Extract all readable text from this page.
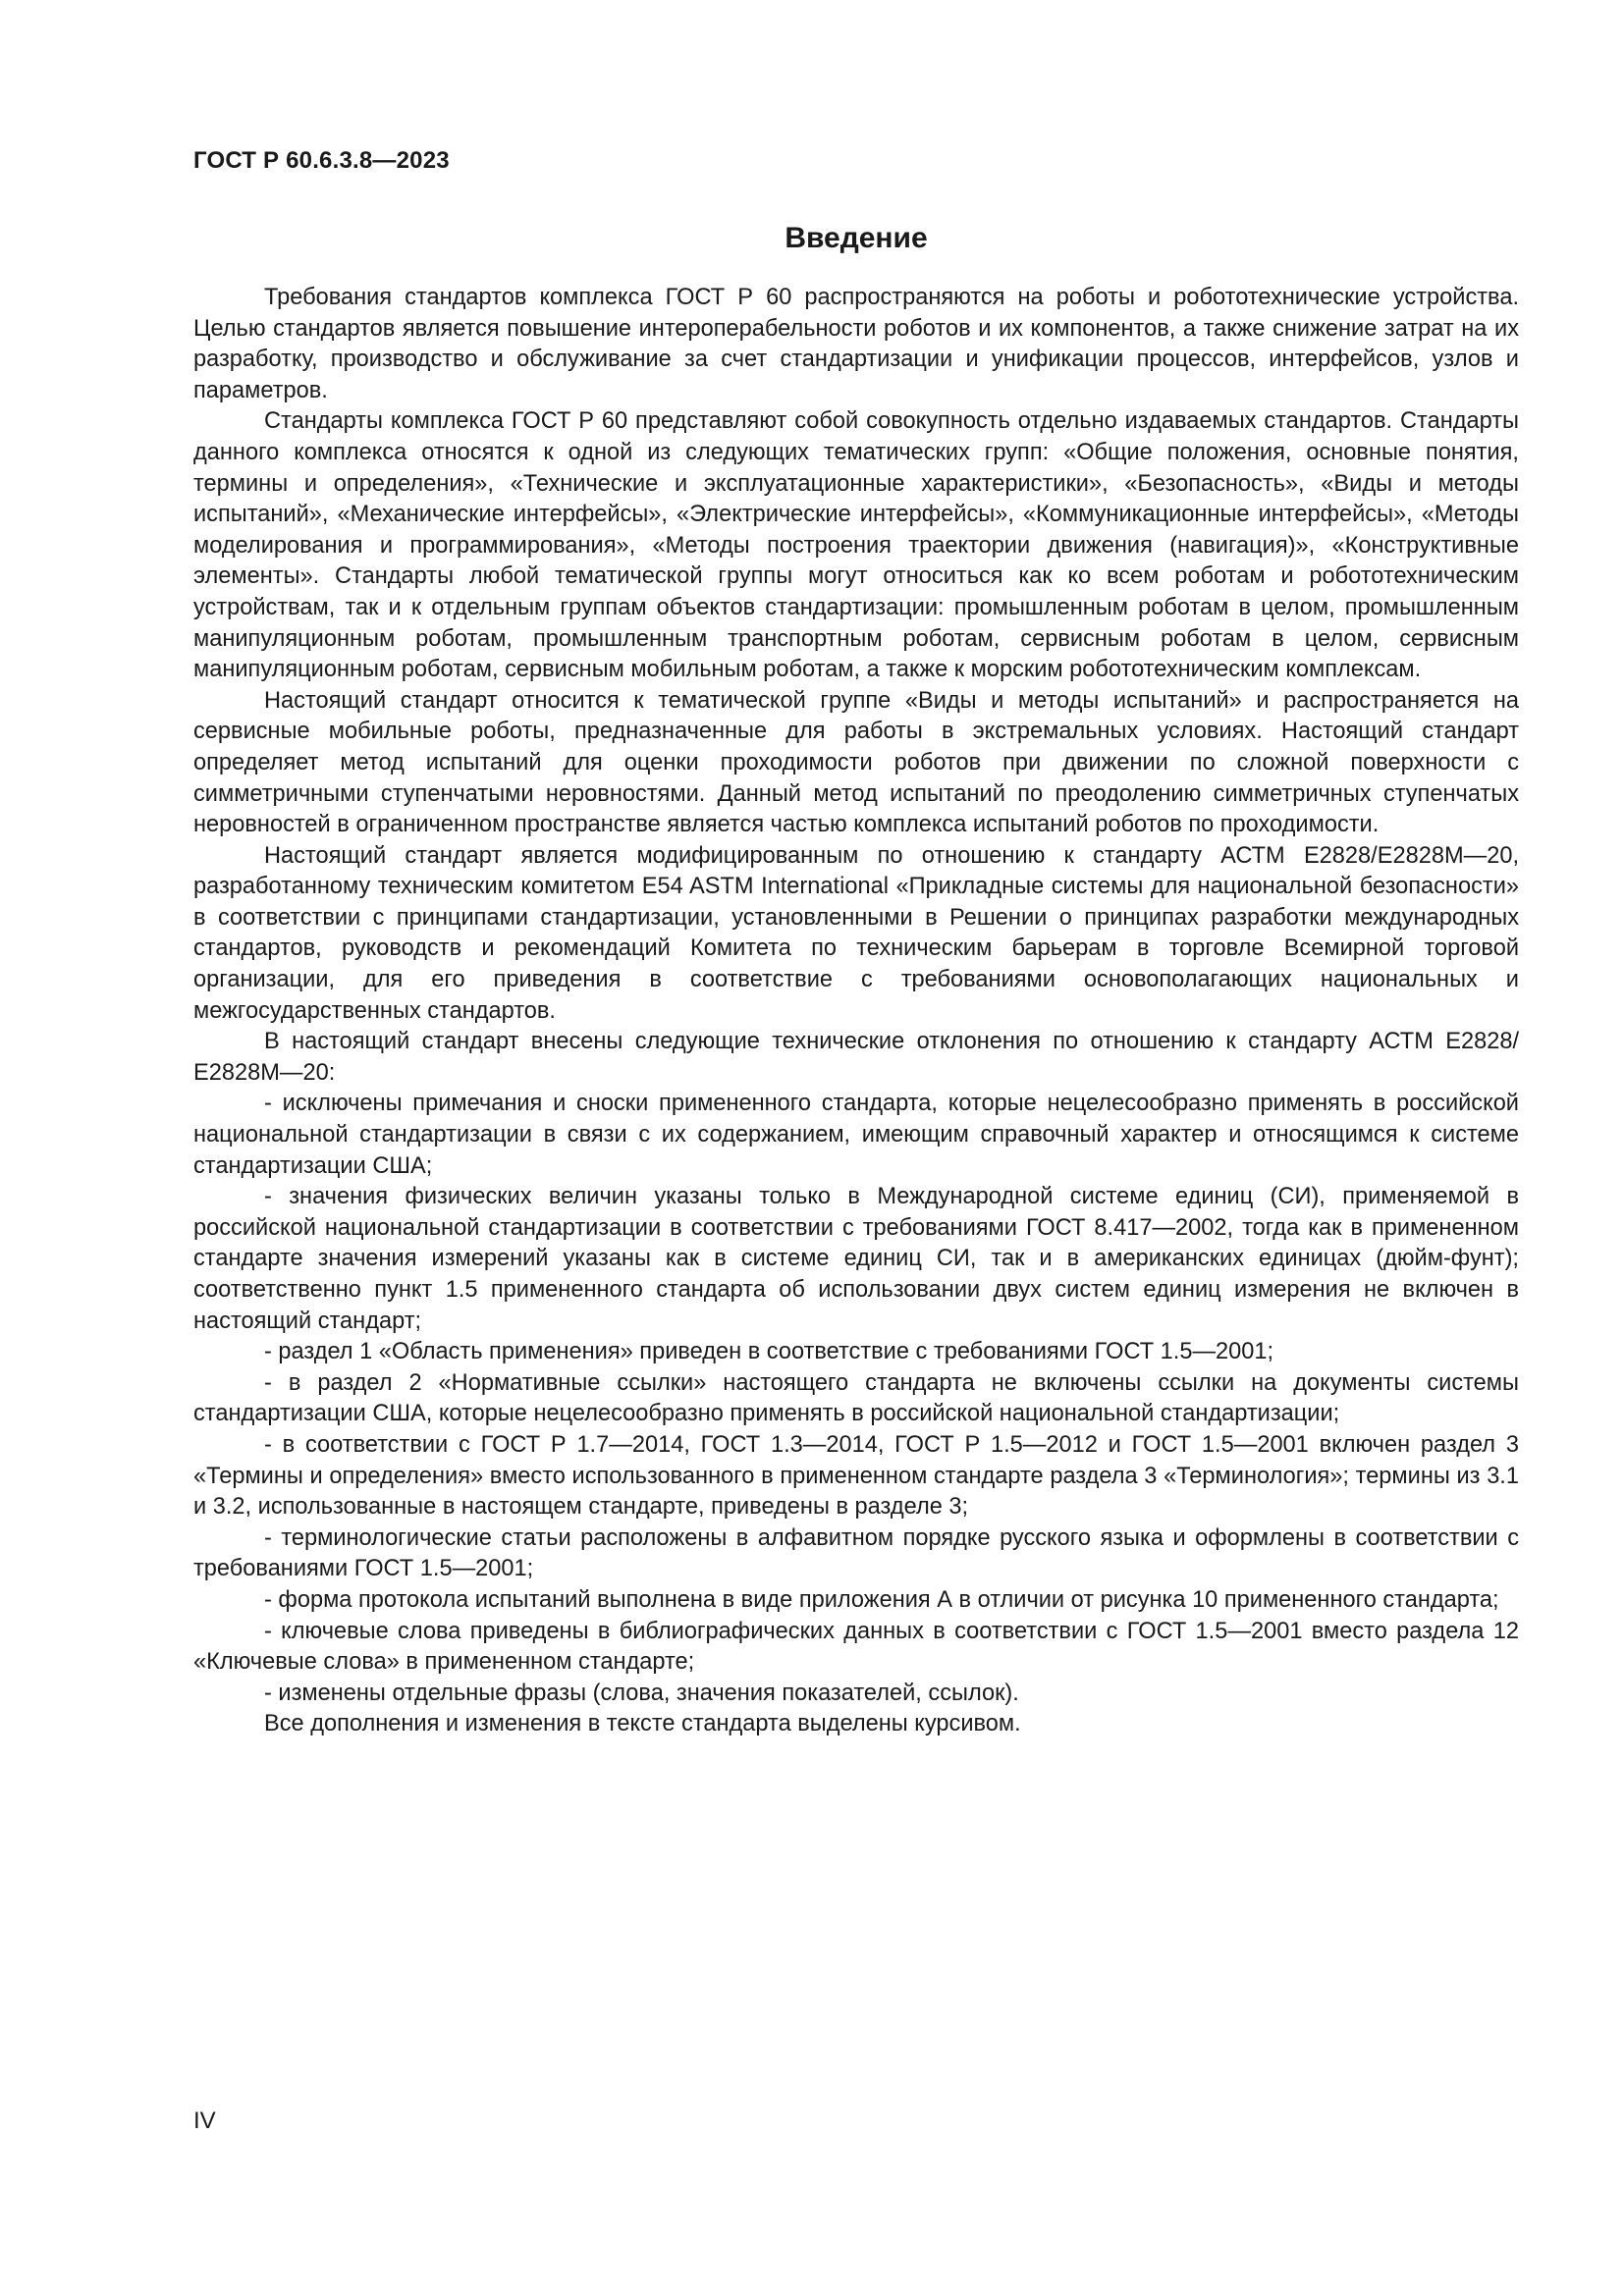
ГОСТ Р 60.6.3.8—2023
Введение

Требования стандартов комплекса ГОСТ Р 60 распространяются на роботы и робототехнические устройства. Целью стандартов является повышение интероперабельности роботов и их компонентов, а также снижение затрат на их разработку, производство и обслуживание за счет стандартизации и унификации процессов, интерфейсов, узлов и параметров.

Стандарты комплекса ГОСТ Р 60 представляют собой совокупность отдельно издаваемых стандартов. Стандарты данного комплекса относятся к одной из следующих тематических групп: «Общие положения, основные понятия, термины и определения», «Технические и эксплуатационные характеристики», «Безопасность», «Виды и методы испытаний», «Механические интерфейсы», «Электрические интерфейсы», «Коммуникационные интерфейсы», «Методы моделирования и программирования», «Методы построения траектории движения (навигация)», «Конструктивные элементы». Стандарты любой тематической группы могут относиться как ко всем роботам и робототехническим устройствам, так и к отдельным группам объектов стандартизации: промышленным роботам в целом, промышленным манипуляционным роботам, промышленным транспортным роботам, сервисным роботам в целом, сервисным манипуляционным роботам, сервисным мобильным роботам, а также к морским робототехническим комплексам.

Настоящий стандарт относится к тематической группе «Виды и методы испытаний» и распространяется на сервисные мобильные роботы, предназначенные для работы в экстремальных условиях. Настоящий стандарт определяет метод испытаний для оценки проходимости роботов при движении по сложной поверхности с симметричными ступенчатыми неровностями. Данный метод испытаний по преодолению симметричных ступенчатых неровностей в ограниченном пространстве является частью комплекса испытаний роботов по проходимости.

Настоящий стандарт является модифицированным по отношению к стандарту АСТМ Е2828/Е2828М—20, разработанному техническим комитетом E54 ASTM International «Прикладные системы для национальной безопасности» в соответствии с принципами стандартизации, установленными в Решении о принципах разработки международных стандартов, руководств и рекомендаций Комитета по техническим барьерам в торговле Всемирной торговой организации, для его приведения в соответствие с требованиями основополагающих национальных и межгосударственных стандартов.

В настоящий стандарт внесены следующие технические отклонения по отношению к стандарту АСТМ Е2828/Е2828М—20:

- исключены примечания и сноски примененного стандарта, которые нецелесообразно применять в российской национальной стандартизации в связи с их содержанием, имеющим справочный характер и относящимся к системе стандартизации США;

- значения физических величин указаны только в Международной системе единиц (СИ), применяемой в российской национальной стандартизации в соответствии с требованиями ГОСТ 8.417—2002, тогда как в примененном стандарте значения измерений указаны как в системе единиц СИ, так и в американских единицах (дюйм-фунт); соответственно пункт 1.5 примененного стандарта об использовании двух систем единиц измерения не включен в настоящий стандарт;

- раздел 1 «Область применения» приведен в соответствие с требованиями ГОСТ 1.5—2001;

- в раздел 2 «Нормативные ссылки» настоящего стандарта не включены ссылки на документы системы стандартизации США, которые нецелесообразно применять в российской национальной стандартизации;

- в соответствии с ГОСТ Р 1.7—2014, ГОСТ 1.3—2014, ГОСТ Р 1.5—2012 и ГОСТ 1.5—2001 включен раздел 3 «Термины и определения» вместо использованного в примененном стандарте раздела 3 «Терминология»; термины из 3.1 и 3.2, использованные в настоящем стандарте, приведены в разделе 3;

- терминологические статьи расположены в алфавитном порядке русского языка и оформлены в соответствии с требованиями ГОСТ 1.5—2001;

- форма протокола испытаний выполнена в виде приложения А в отличии от рисунка 10 примененного стандарта;

- ключевые слова приведены в библиографических данных в соответствии с ГОСТ 1.5—2001 вместо раздела 12 «Ключевые слова» в примененном стандарте;

- изменены отдельные фразы (слова, значения показателей, ссылок).

Все дополнения и изменения в тексте стандарта выделены курсивом.

IV
